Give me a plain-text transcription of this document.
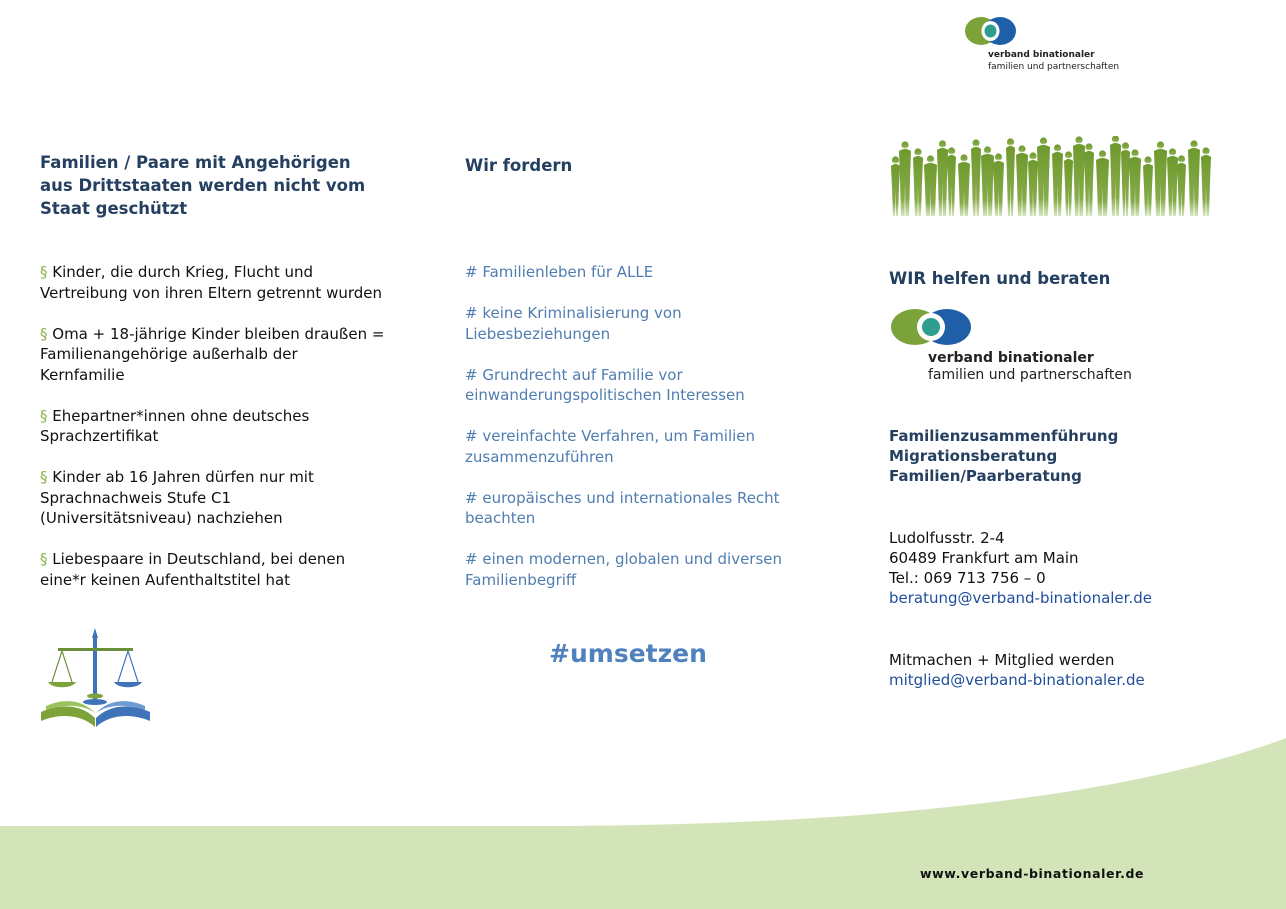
verband binationaler
familien und partnerschaften
Familien / Paare mit Angehörigen aus Drittstaaten werden nicht vom Staat geschützt
§ Kinder, die durch Krieg, Flucht und Vertreibung von ihren Eltern getrennt wurden
§ Oma + 18-jährige Kinder bleiben draußen = Familienangehörige außerhalb der Kernfamilie
§ Ehepartner*innen ohne deutsches Sprachzertifikat
§ Kinder ab 16 Jahren dürfen nur mit Sprachnachweis Stufe C1 (Universitätsniveau) nachziehen
§ Liebespaare in Deutschland, bei denen eine*r keinen Aufenthaltstitel hat
Wir fordern
# Familienleben für ALLE
# keine Kriminalisierung von Liebesbeziehungen
# Grundrecht auf Familie vor einwanderungspolitischen Interessen
# vereinfachte Verfahren, um Familien zusammenzuführen
# europäisches und internationales Recht beachten
# einen modernen, globalen und diversen Familienbegriff
#umsetzen
WIR helfen und beraten
verband binationaler
familien und partnerschaften
Familienzusammenführung
Migrationsberatung
Familien/Paarberatung
Ludolfusstr. 2-4
60489 Frankfurt am Main
Tel.: 069 713 756 – 0
beratung@verband-binationaler.de
Mitmachen + Mitglied werden
mitglied@verband-binationaler.de
www.verband-binationaler.de
